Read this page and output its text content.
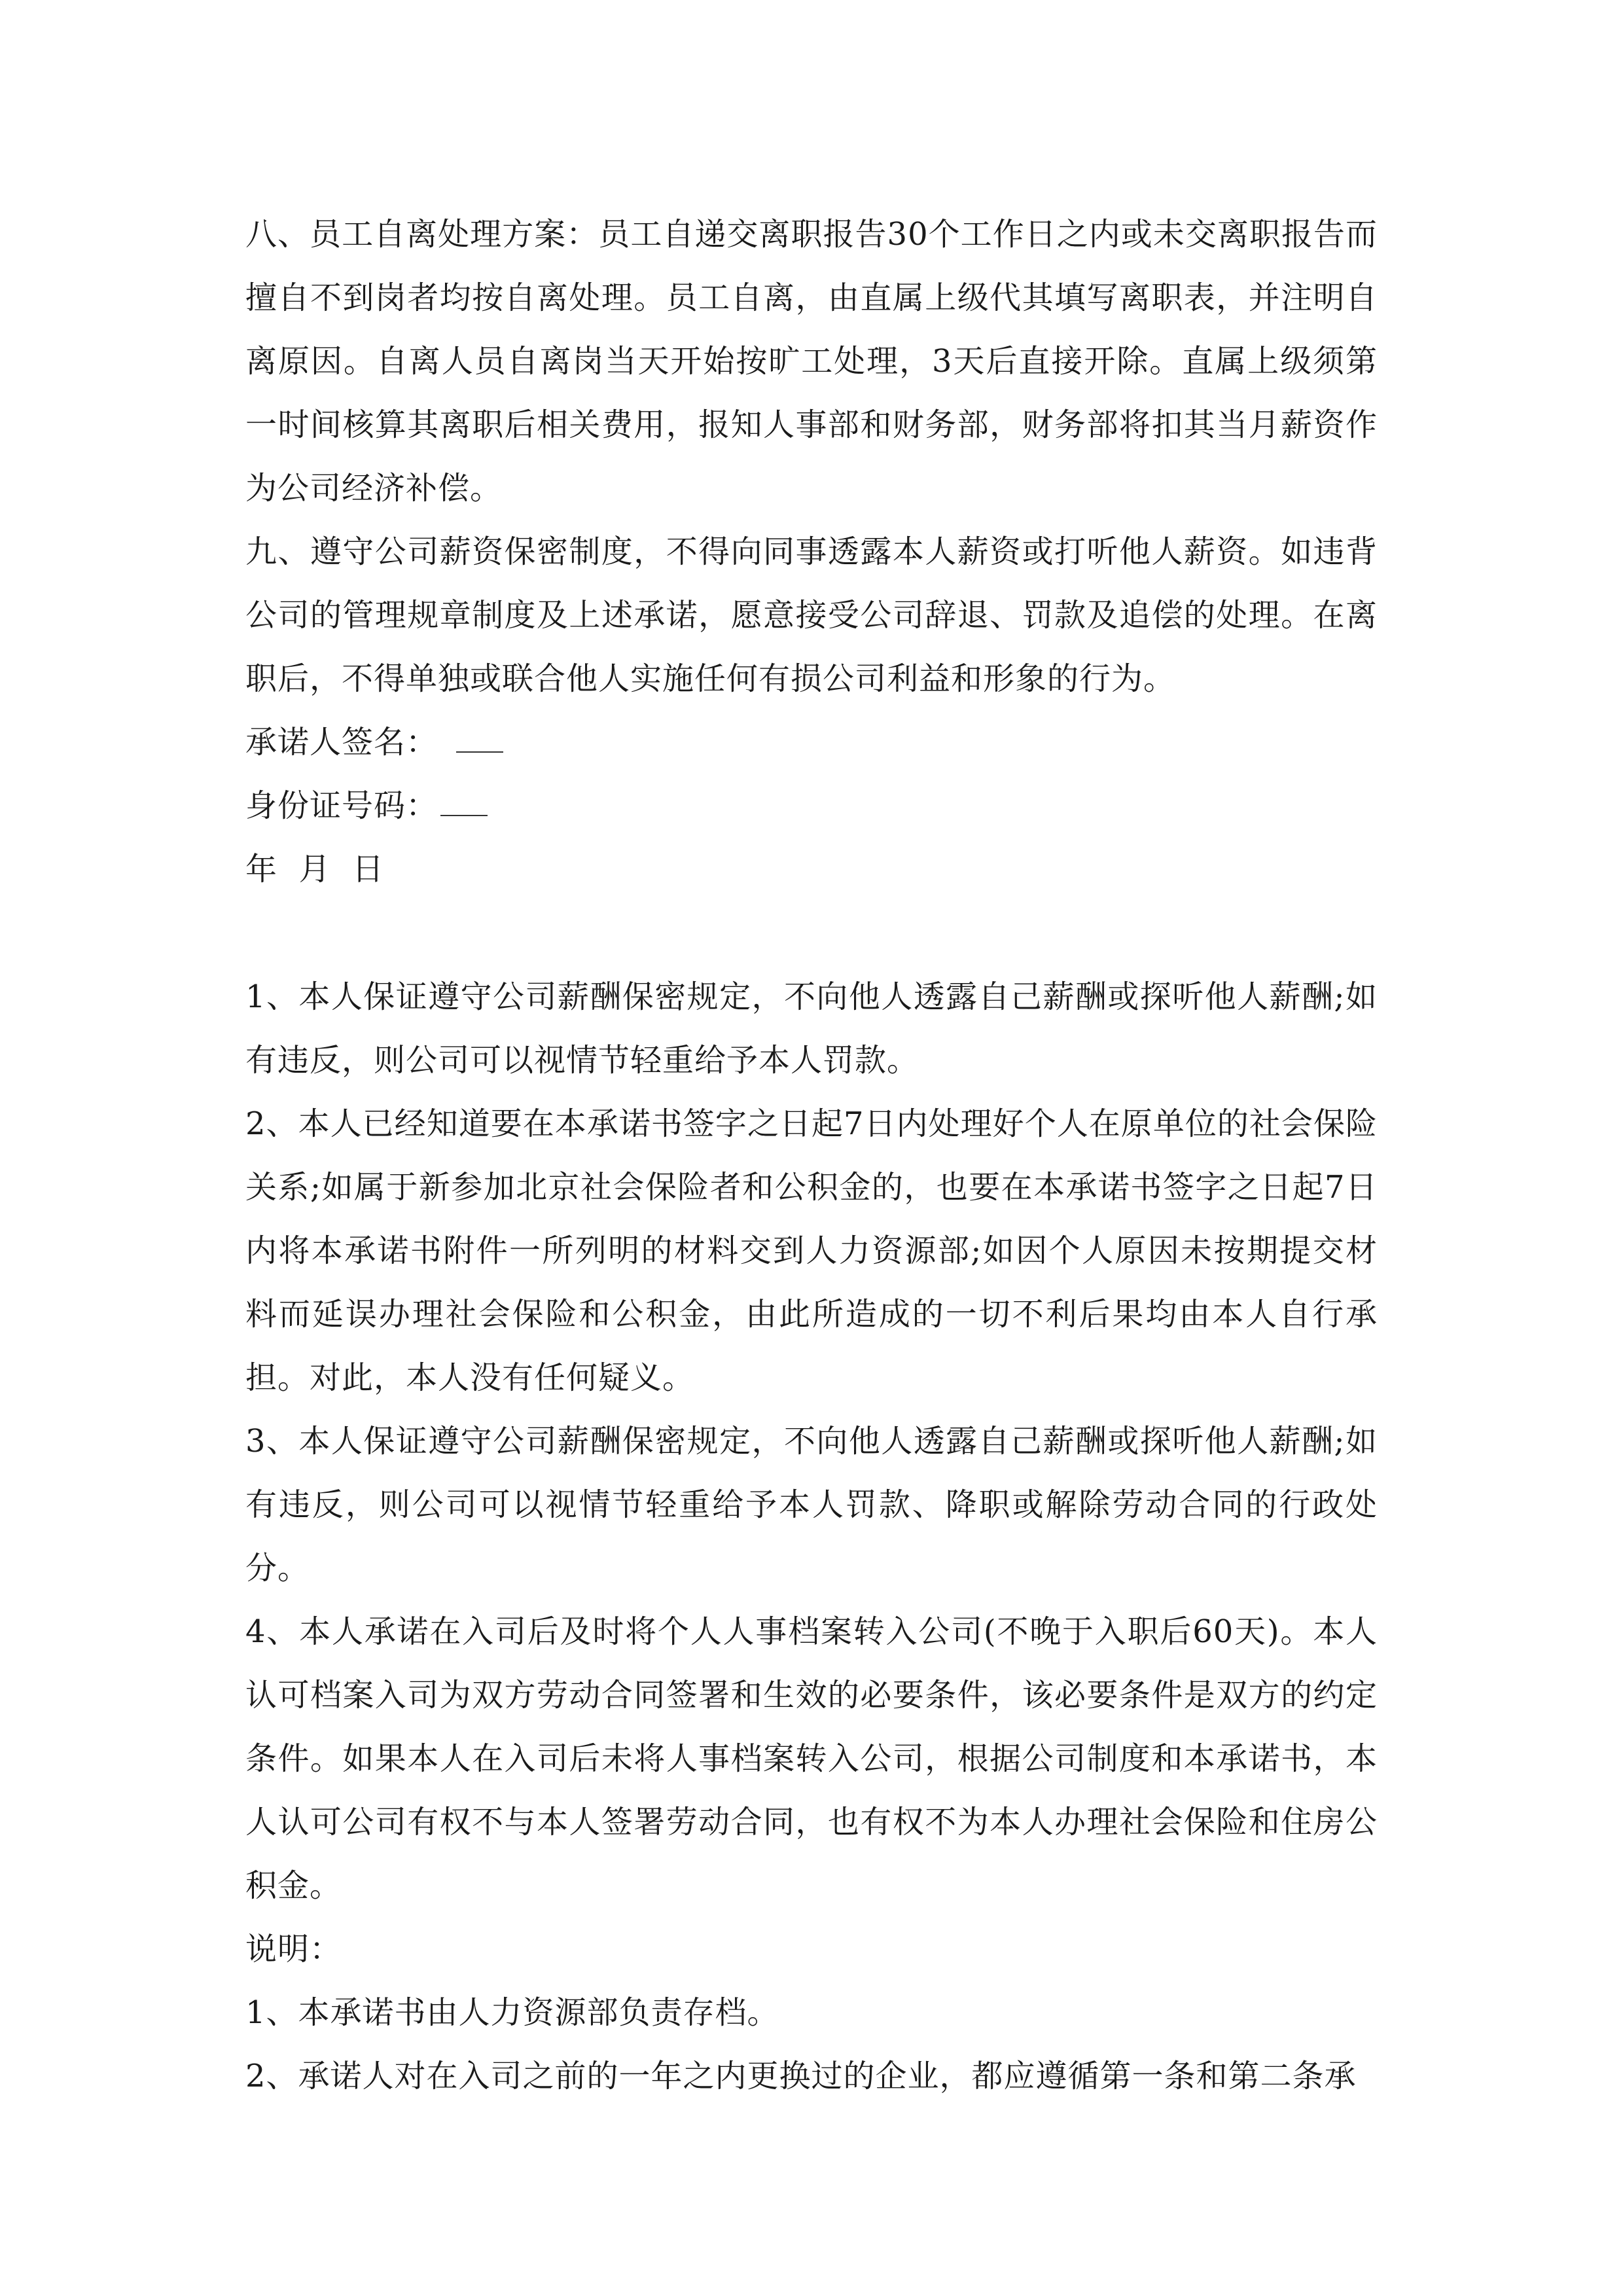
八、员工自离处理方案：员工自递交离职报告30个工作日之内或未交离职报告而擅自不到岗者均按自离处理。员工自离，由直属上级代其填写离职表，并注明自离原因。自离人员自离岗当天开始按旷工处理，3天后直接开除。直属上级须第一时间核算其离职后相关费用，报知人事部和财务部，财务部将扣其当月薪资作为公司经济补偿。

九、遵守公司薪资保密制度，不得向同事透露本人薪资或打听他人薪资。如违背公司的管理规章制度及上述承诺，愿意接受公司辞退、罚款及追偿的处理。在离职后，不得单独或联合他人实施任何有损公司利益和形象的行为。

承诺人签名：

身份证号码：

年  月  日

1、本人保证遵守公司薪酬保密规定，不向他人透露自己薪酬或探听他人薪酬;如有违反，则公司可以视情节轻重给予本人罚款。

2、本人已经知道要在本承诺书签字之日起7日内处理好个人在原单位的社会保险关系;如属于新参加北京社会保险者和公积金的，也要在本承诺书签字之日起7日内将本承诺书附件一所列明的材料交到人力资源部;如因个人原因未按期提交材料而延误办理社会保险和公积金，由此所造成的一切不利后果均由本人自行承担。对此，本人没有任何疑义。

3、本人保证遵守公司薪酬保密规定，不向他人透露自己薪酬或探听他人薪酬;如有违反，则公司可以视情节轻重给予本人罚款、降职或解除劳动合同的行政处分。

4、本人承诺在入司后及时将个人人事档案转入公司(不晚于入职后60天)。本人认可档案入司为双方劳动合同签署和生效的必要条件，该必要条件是双方的约定条件。如果本人在入司后未将人事档案转入公司，根据公司制度和本承诺书，本人认可公司有权不与本人签署劳动合同，也有权不为本人办理社会保险和住房公积金。

说明：

1、本承诺书由人力资源部负责存档。

2、承诺人对在入司之前的一年之内更换过的企业，都应遵循第一条和第二条承
